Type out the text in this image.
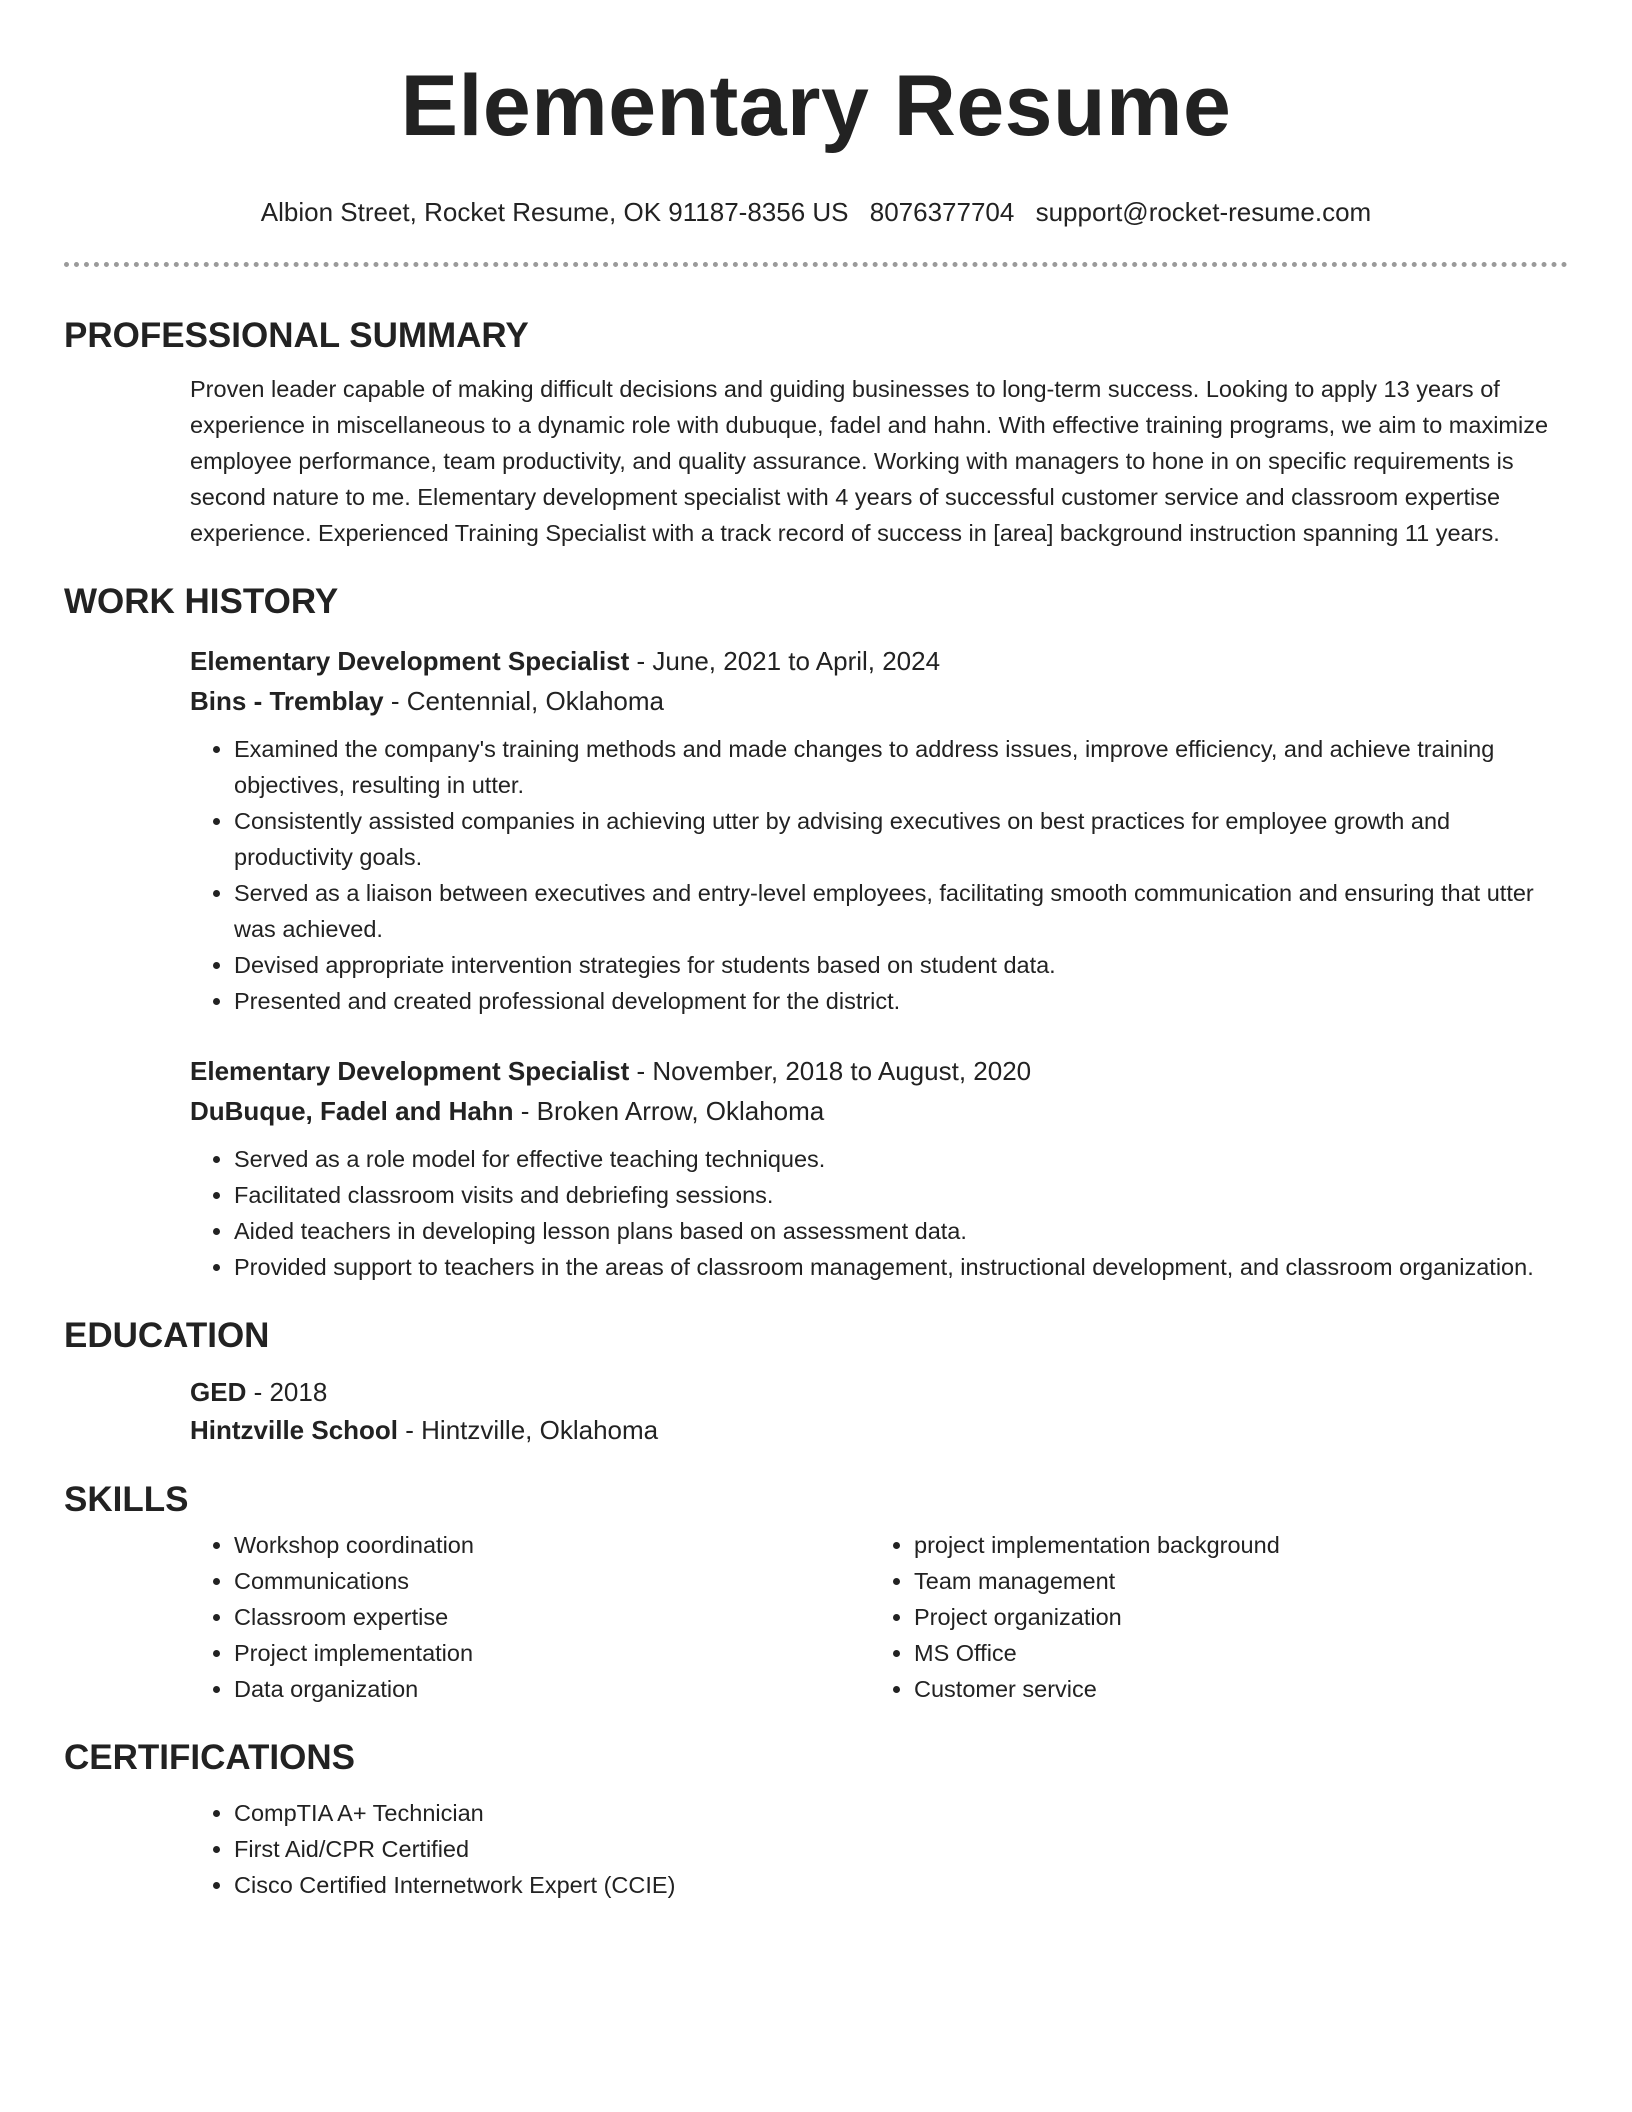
Elementary Resume
Albion Street, Rocket Resume, OK 91187-8356 US 8076377704 support@rocket-resume.com
PROFESSIONAL SUMMARY

Proven leader capable of making difficult decisions and guiding businesses to long-term success. Looking to apply 13 years of experience in miscellaneous to a dynamic role with dubuque, fadel and hahn. With effective training programs, we aim to maximize employee performance, team productivity, and quality assurance. Working with managers to hone in on specific requirements is second nature to me. Elementary development specialist with 4 years of successful customer service and classroom expertise experience. Experienced Training Specialist with a track record of success in [area] background instruction spanning 11 years.

WORK HISTORY
Elementary Development Specialist - June, 2021 to April, 2024
Bins - Tremblay - Centennial, Oklahoma
• Examined the company's training methods and made changes to address issues, improve efficiency, and achieve training objectives, resulting in utter.
• Consistently assisted companies in achieving utter by advising executives on best practices for employee growth and productivity goals.
• Served as a liaison between executives and entry-level employees, facilitating smooth communication and ensuring that utter was achieved.
• Devised appropriate intervention strategies for students based on student data.
• Presented and created professional development for the district.
Elementary Development Specialist - November, 2018 to August, 2020
DuBuque, Fadel and Hahn - Broken Arrow, Oklahoma
• Served as a role model for effective teaching techniques.
• Facilitated classroom visits and debriefing sessions.
• Aided teachers in developing lesson plans based on assessment data.
• Provided support to teachers in the areas of classroom management, instructional development, and classroom organization.
EDUCATION
GED - 2018
Hintzville School - Hintzville, Oklahoma
SKILLS
• Workshop coordination
• Communications
• Classroom expertise
• Project implementation
• Data organization
• project implementation background
• Team management
• Project organization
• MS Office
• Customer service
CERTIFICATIONS
• CompTIA A+ Technician
• First Aid/CPR Certified
• Cisco Certified Internetwork Expert (CCIE)
